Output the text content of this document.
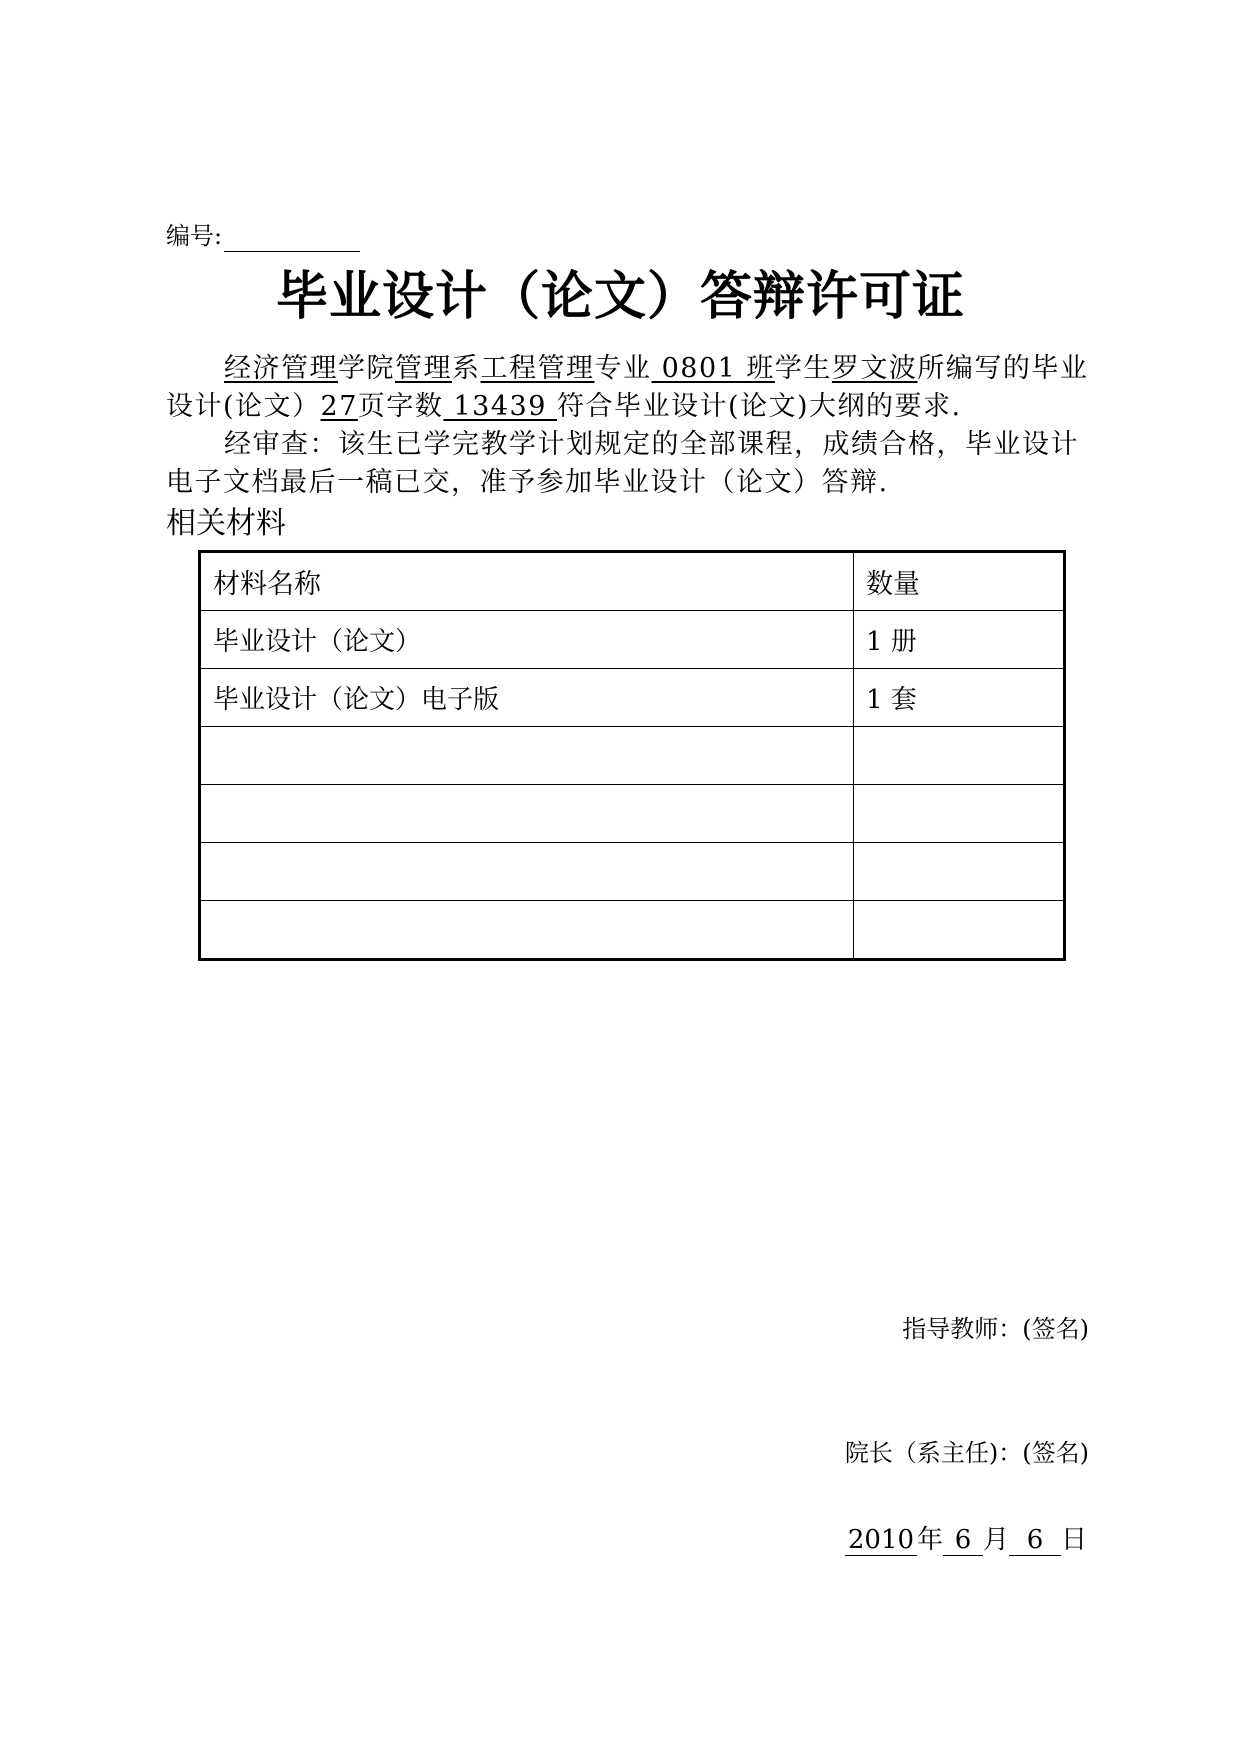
编号:
毕业设计（论文）答辩许可证
经济管理学院管理系工程管理专业 0801 班学生罗文波所编写的毕业设计(论文）27页字数 13439 符合毕业设计(论文)大纲的要求.
经审查：该生已学完教学计划规定的全部课程，成绩合格，毕业设计电子文档最后一稿已交，准予参加毕业设计（论文）答辩.
相关材料
材料名称	数量
毕业设计（论文）	1 册
毕业设计（论文）电子版	1 套

指导教师：(签名)
院长（系主任)：(签名)
2010 年 6 月 6 日
